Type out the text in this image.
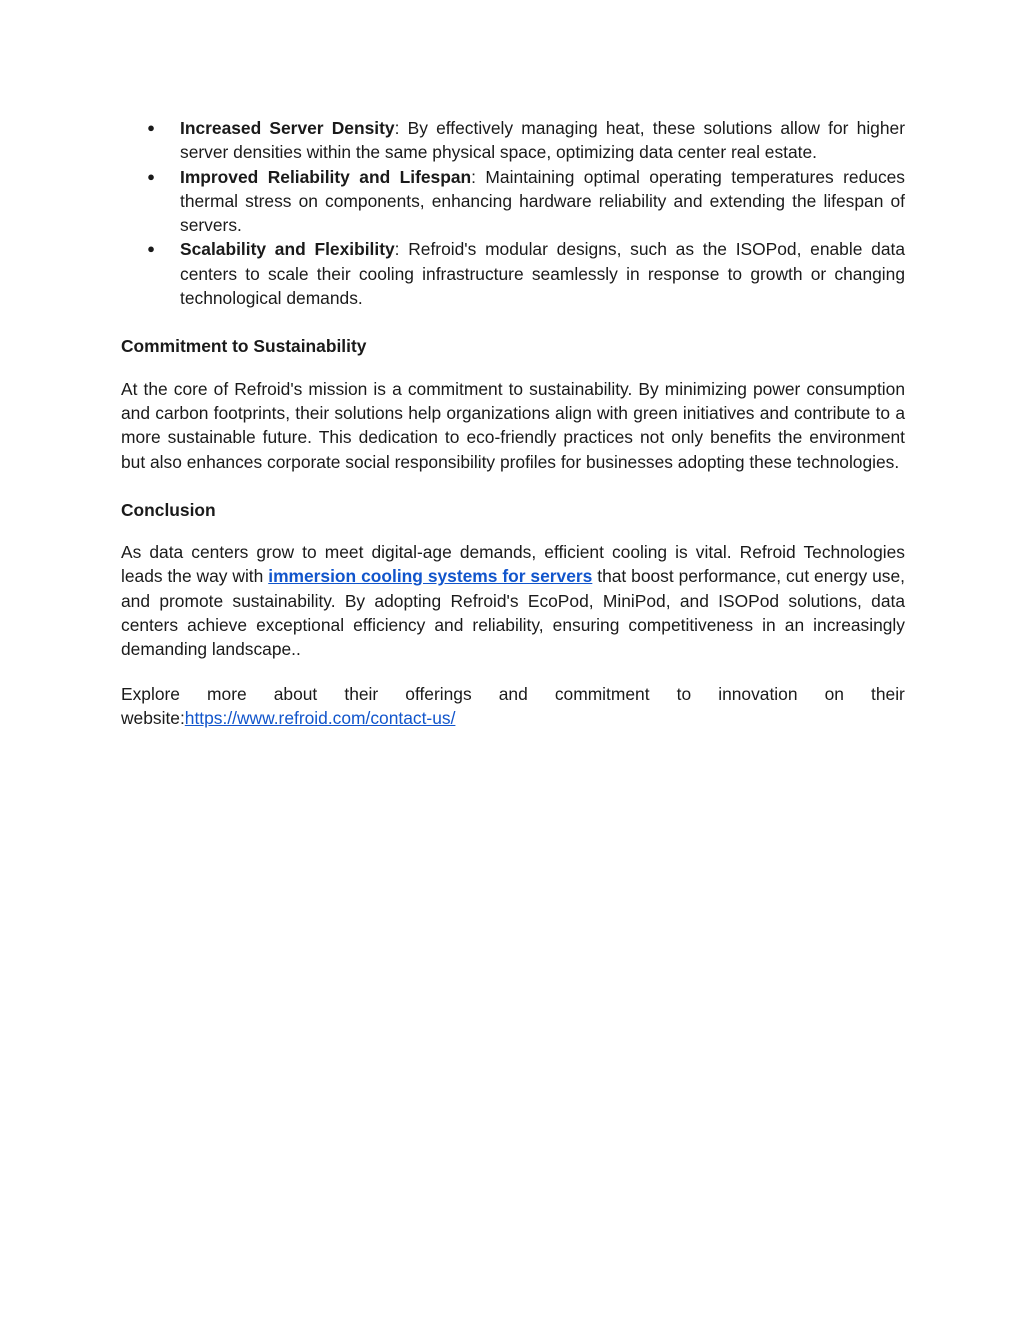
●	Increased Server Density: By effectively managing heat, these solutions allow for higher server densities within the same physical space, optimizing data center real estate.
●	Improved Reliability and Lifespan: Maintaining optimal operating temperatures reduces thermal stress on components, enhancing hardware reliability and extending the lifespan of servers.
●	Scalability and Flexibility: Refroid's modular designs, such as the ISOPod, enable data centers to scale their cooling infrastructure seamlessly in response to growth or changing technological demands.
Commitment to Sustainability

At the core of Refroid's mission is a commitment to sustainability. By minimizing power consumption and carbon footprints, their solutions help organizations align with green initiatives and contribute to a more sustainable future. This dedication to eco-friendly practices not only benefits the environment but also enhances corporate social responsibility profiles for businesses adopting these technologies.

Conclusion

As data centers grow to meet digital-age demands, efficient cooling is vital. Refroid Technologies leads the way with immersion cooling systems for servers that boost performance, cut energy use, and promote sustainability. By adopting Refroid's EcoPod, MiniPod, and ISOPod solutions, data centers achieve exceptional efficiency and reliability, ensuring competitiveness in an increasingly demanding landscape..

Explore more about their offerings and commitment to innovation on their
website:https://www.refroid.com/contact-us/
